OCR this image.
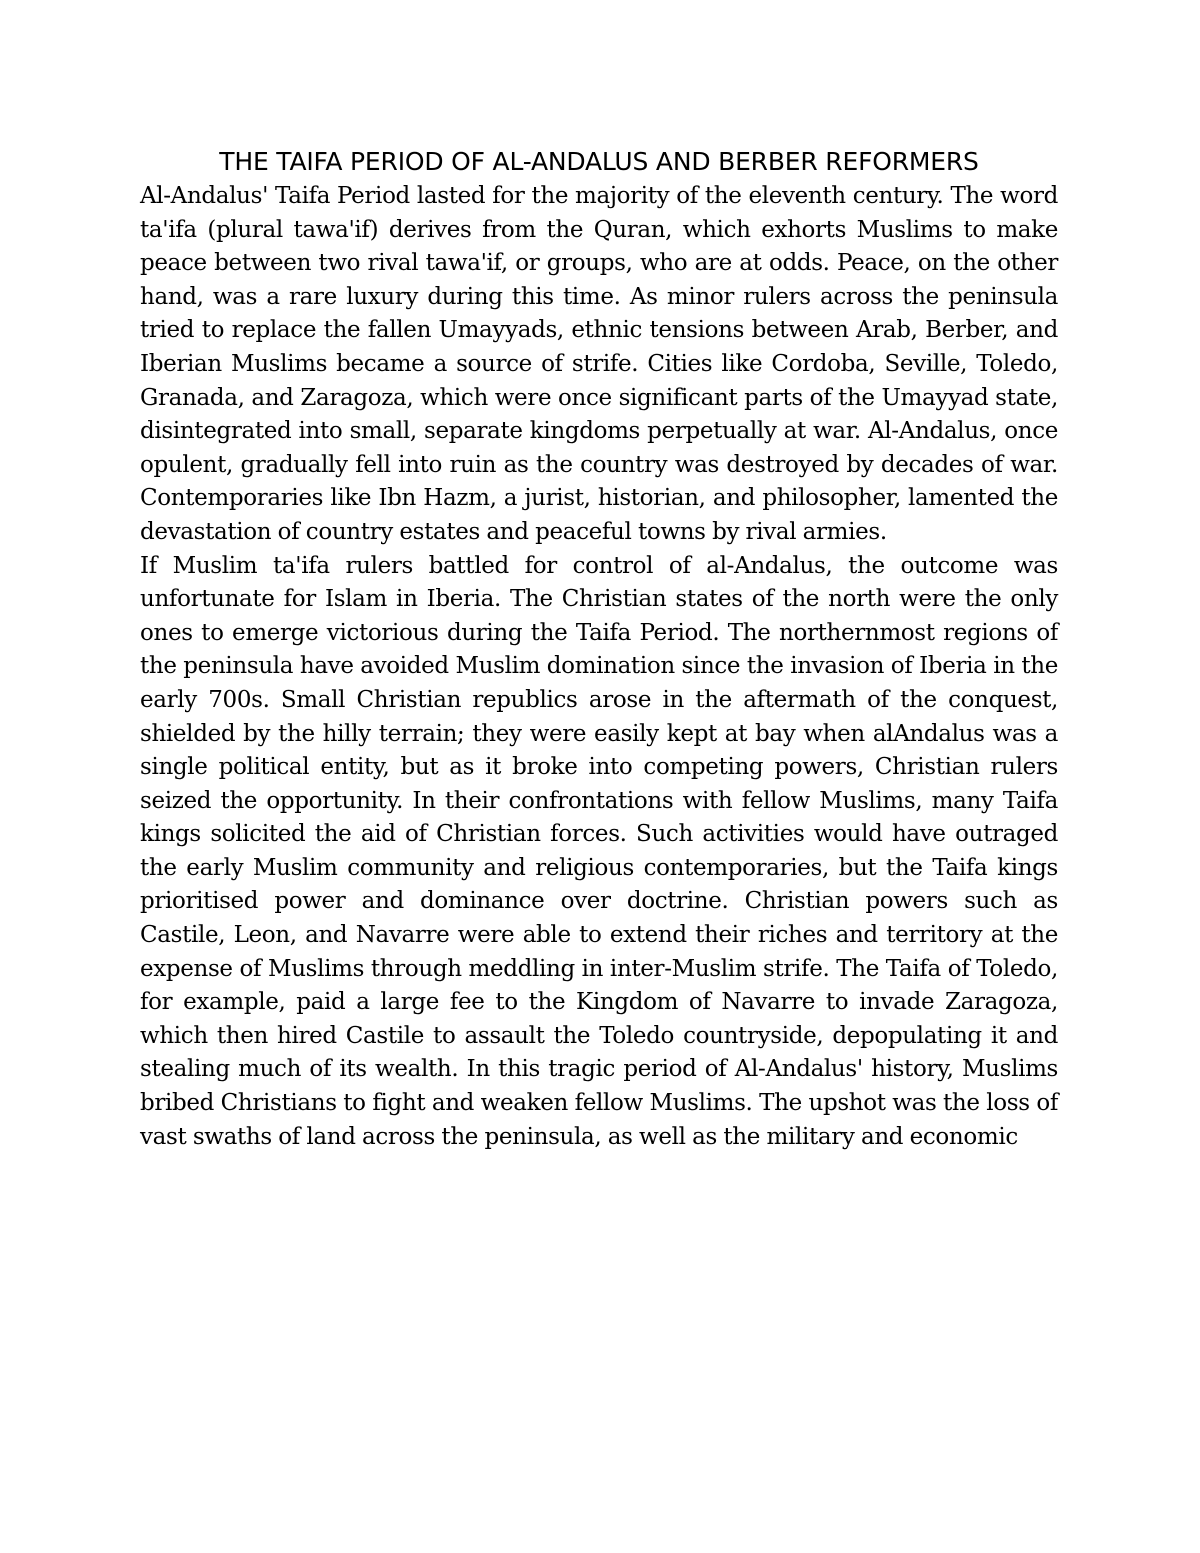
THE TAIFA PERIOD OF AL-ANDALUS AND BERBER REFORMERS

Al-Andalus' Taifa Period lasted for the majority of the eleventh century. The word ta'ifa (plural tawa'if) derives from the Quran, which exhorts Muslims to make peace between two rival tawa'if, or groups, who are at odds. Peace, on the other hand, was a rare luxury during this time. As minor rulers across the peninsula tried to replace the fallen Umayyads, ethnic tensions between Arab, Berber, and Iberian Muslims became a source of strife. Cities like Cordoba, Seville, Toledo, Granada, and Zaragoza, which were once significant parts of the Umayyad state, disintegrated into small, separate kingdoms perpetually at war. Al-Andalus, once opulent, gradually fell into ruin as the country was destroyed by decades of war. Contemporaries like Ibn Hazm, a jurist, historian, and philosopher, lamented the devastation of country estates and peaceful towns by rival armies.

If Muslim ta'ifa rulers battled for control of al-Andalus, the outcome was unfortunate for Islam in Iberia. The Christian states of the north were the only ones to emerge victorious during the Taifa Period. The northernmost regions of the peninsula have avoided Muslim domination since the invasion of Iberia in the early 700s. Small Christian republics arose in the aftermath of the conquest, shielded by the hilly terrain; they were easily kept at bay when alAndalus was a single political entity, but as it broke into competing powers, Christian rulers seized the opportunity. In their confrontations with fellow Muslims, many Taifa kings solicited the aid of Christian forces. Such activities would have outraged the early Muslim community and religious contemporaries, but the Taifa kings prioritised power and dominance over doctrine. Christian powers such as Castile, Leon, and Navarre were able to extend their riches and territory at the expense of Muslims through meddling in inter-Muslim strife. The Taifa of Toledo, for example, paid a large fee to the Kingdom of Navarre to invade Zaragoza, which then hired Castile to assault the Toledo countryside, depopulating it and stealing much of its wealth. In this tragic period of Al-Andalus' history, Muslims bribed Christians to fight and weaken fellow Muslims. The upshot was the loss of vast swaths of land across the peninsula, as well as the military and economic
